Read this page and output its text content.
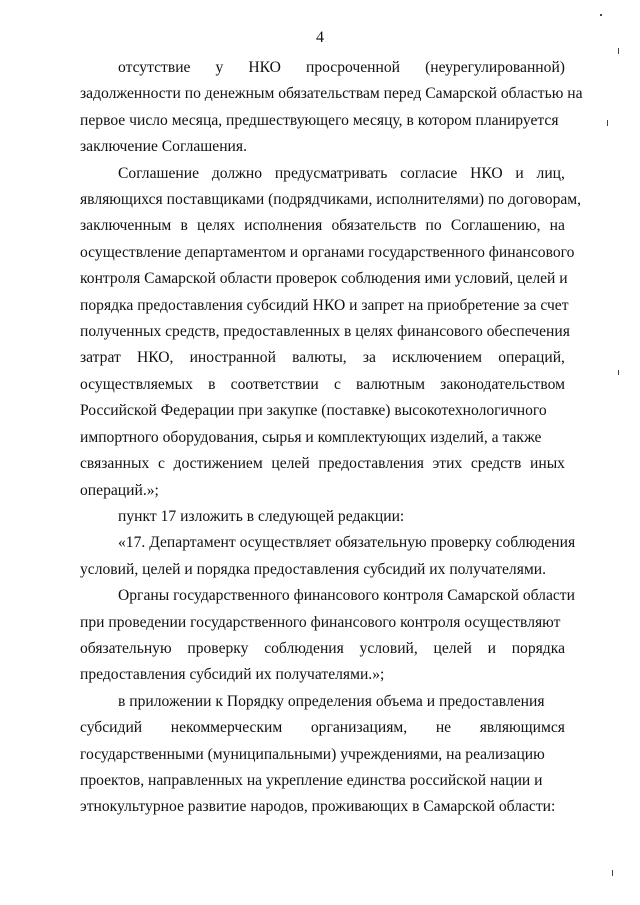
4
отсутствие у НКО просроченной (неурегулированной)
задолженности по денежным обязательствам перед Самарской областью на
первое число месяца, предшествующего месяцу, в котором планируется
заключение Соглашения.
Соглашение должно предусматривать согласие НКО и лиц,
являющихся поставщиками (подрядчиками, исполнителями) по договорам,
заключенным в целях исполнения обязательств по Соглашению, на
осуществление департаментом и органами государственного финансового
контроля Самарской области проверок соблюдения ими условий, целей и
порядка предоставления субсидий НКО и запрет на приобретение за счет
полученных средств, предоставленных в целях финансового обеспечения
затрат НКО, иностранной валюты, за исключением операций,
осуществляемых в соответствии с валютным законодательством
Российской Федерации при закупке (поставке) высокотехнологичного
импортного оборудования, сырья и комплектующих изделий, а также
связанных с достижением целей предоставления этих средств иных
операций.»;
пункт 17 изложить в следующей редакции:
«17. Департамент осуществляет обязательную проверку соблюдения
условий, целей и порядка предоставления субсидий их получателями.
Органы государственного финансового контроля Самарской области
при проведении государственного финансового контроля осуществляют
обязательную проверку соблюдения условий, целей и порядка
предоставления субсидий их получателями.»;
в приложении к Порядку определения объема и предоставления
субсидий некоммерческим организациям, не являющимся
государственными (муниципальными) учреждениями, на реализацию
проектов, направленных на укрепление единства российской нации и
этнокультурное развитие народов, проживающих в Самарской области:
